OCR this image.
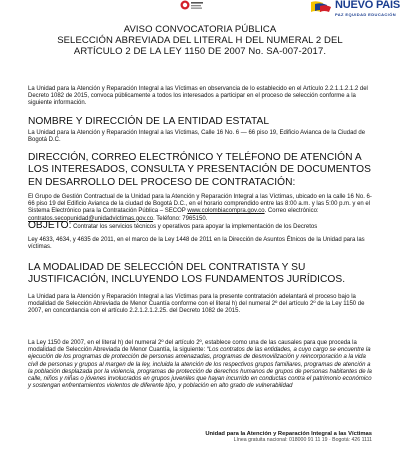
NUEVO PAÍS
PAZ EQUIDAD EDUCACIÓN
AVISO CONVOCATORIA PÚBLICA
SELECCIÓN ABREVIADA DEL LITERAL H DEL NUMERAL 2 DEL
ARTÍCULO 2 DE LA LEY 1150 DE 2007 No. SA-007-2017.
La Unidad para la Atención y Reparación Integral a las Víctimas en observancia de lo establecido en el Artículo 2.2.1.1.2.1.2 del Decreto 1082 de 2015, convoca públicamente a todos los interesados a participar en el proceso de selección conforme a la siguiente información.
NOMBRE Y DIRECCIÓN DE LA ENTIDAD ESTATAL
La Unidad para la Atención y Reparación Integral a las Víctimas, Calle 16 No. 6 — 66 piso 19, Edificio Avianca de la Ciudad de Bogotá D.C.
DIRECCIÓN, CORREO ELECTRÓNICO Y TELÉFONO DE ATENCIÓN A LOS INTERESADOS, CONSULTA Y PRESENTACIÓN DE DOCUMENTOS EN DESARROLLO DEL PROCESO DE CONTRATACIÓN:
El Grupo de Gestión Contractual de la Unidad para la Atención y Reparación Integral a las Víctimas, ubicado en la calle 16 No. 6-66 piso 19 del Edificio Avianca de la ciudad de Bogotá D.C., en el horario comprendido entre las 8:00 a.m. y las 5:00 p.m. y en el Sistema Electrónico para la Contratación Pública – SECOP www.colombiacompra.gov.co. Correo electrónico: contratos.secopunidad@unidadvictimas.gov.co. Teléfono: 7965150.
OBJETO: Contratar los servicios técnicos y operativos para apoyar la implementación de los Decretos
Ley 4633, 4634, y 4635 de 2011, en el marco de la Ley 1448 de 2011 en la Dirección de Asuntos Étnicos de la Unidad para las víctimas.
LA MODALIDAD DE SELECCIÓN DEL CONTRATISTA Y SU JUSTIFICACIÓN, INCLUYENDO LOS FUNDAMENTOS JURÍDICOS.
La Unidad para la Atención y Reparación Integral a las Víctimas para la presente contratación adelantará el proceso bajo la modalidad de Selección Abreviada de Menor Cuantía conforme con el literal h) del numeral 2º del artículo 2º de la Ley 1150 de 2007, en concordancia con el artículo 2.2.1.2.1.2.25. del Decreto 1082 de 2015.
La Ley 1150 de 2007, en el literal h) del numeral 2º del artículo 2º, establece como una de las causales para que proceda la modalidad de Selección Abreviada de Menor Cuantía, la siguiente: “Los contratos de las entidades, a cuyo cargo se encuentre la ejecución de los programas de protección de personas amenazadas, programas de desmovilización y reincorporación a la vida civil de personas y grupos al margen de la ley, incluida la atención de los respectivos grupos familiares, programas de atención a la población desplazada por la violencia, programas de protección de derechos humanos de grupos de personas habitantes de la calle, niños y niñas o jóvenes involucrados en grupos juveniles que hayan incurrido en conductas contra el patrimonio económico y sostengan enfrentamientos violentos de diferente tipo, y población en alto grado de vulnerabilidad
Unidad para la Atención y Reparación Integral a las Víctimas
Línea gratuita nacional: 018000 91 11 19 · Bogotá: 426 1111
